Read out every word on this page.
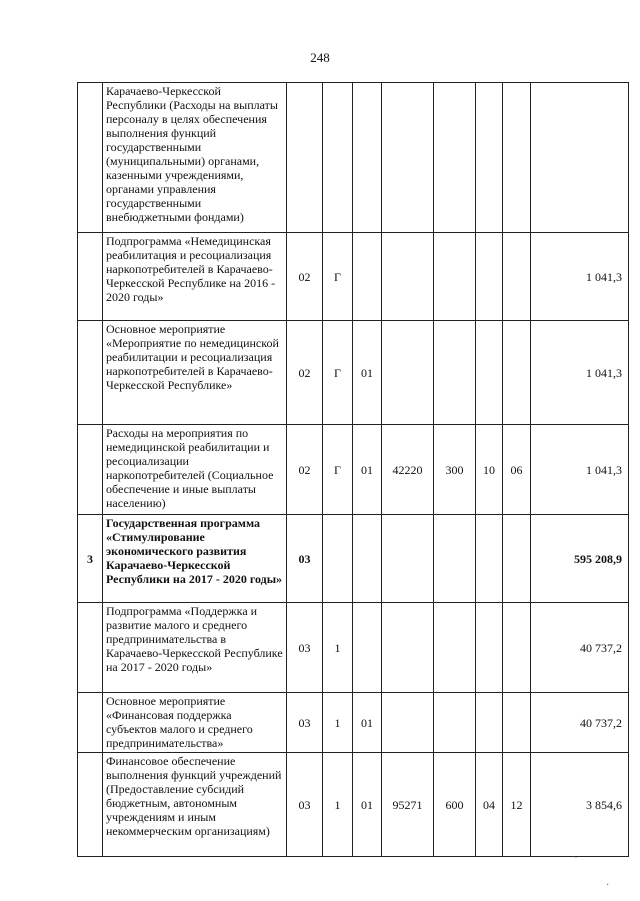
248
	Карачаево-Черкесской Республики (Расходы на выплаты персоналу в целях обеспечения выполнения функций государственными (муниципальными) органами, казенными учреждениями, органами управления государственными внебюджетными фондами)								
	Подпрограмма «Немедицинская реабилитация и ресоциализация наркопотребителей в Карачаево-Черкесской Республике на 2016 - 2020 годы»	02	Г						1 041,3
	Основное мероприятие «Мероприятие по немедицинской реабилитации и ресоциализация наркопотребителей в Карачаево-Черкесской Республике»	02	Г	01					1 041,3
	Расходы на мероприятия по немедицинской реабилитации и ресоциализации наркопотребителей (Социальное обеспечение и иные выплаты населению)	02	Г	01	42220	300	10	06	1 041,3
3	Государственная программа «Стимулирование экономического развития Карачаево-Черкесской Республики на 2017 - 2020 годы»	03							595 208,9
	Подпрограмма «Поддержка и развитие малого и среднего предпринимательства в Карачаево-Черкесской Республике на 2017 - 2020 годы»	03	1						40 737,2
	Основное мероприятие «Финансовая поддержка субъектов малого и среднего предпринимательства»	03	1	01					40 737,2
	Финансовое обеспечение выполнения функций учреждений (Предоставление субсидий бюджетным, автономным учреждениям и иным некоммерческим организациям)	03	1	01	95271	600	04	12	3 854,6
ˋ
·
